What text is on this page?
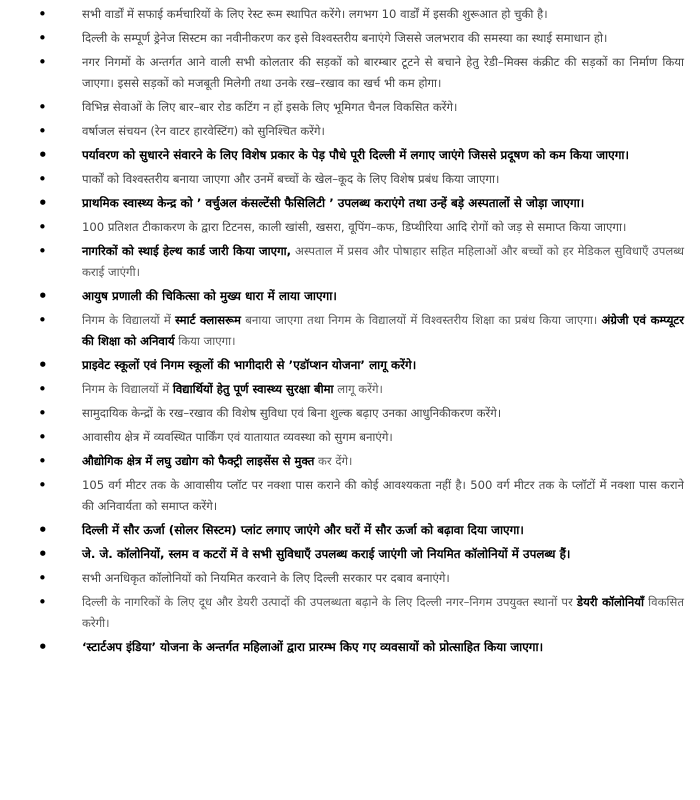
•	सभी वार्डों में सफाई कर्मचारियों के लिए रेस्ट रूम स्थापित करेंगे। लगभग 10 वार्डों में इसकी शुरूआत हो चुकी है।
•	दिल्ली के सम्पूर्ण ड्रेनेज सिस्टम का नवीनीकरण कर इसे विश्वस्तरीय बनाएंगे जिससे जलभराव की समस्या का स्थाई समाधान हो।
•	नगर निगमों के अन्तर्गत आने वाली सभी कोलतार की सड़कों को बारम्बार टूटने से बचाने हेतु रेडी–मिक्स कंक्रीट की सड़कों का निर्माण किया जाएगा। इससे सड़कों को मजबूती मिलेगी तथा उनके रख–रखाव का खर्च भी कम होगा।
•	विभिन्न सेवाओं के लिए बार–बार रोड कटिंग न हों इसके लिए भूमिगत चैनल विकसित करेंगे।
•	वर्षाजल संचयन (रेन वाटर हारवेस्टिंग) को सुनिश्चित करेंगे।
•	पर्यावरण को सुधारने संवारने के लिए विशेष प्रकार के पेड़ पौधे पूरी दिल्ली में लगाए जाएंगे जिससे प्रदूषण को कम किया जाएगा।
•	पार्कों को विश्वस्तरीय बनाया जाएगा और उनमें बच्चों के खेल–कूद के लिए विशेष प्रबंध किया जाएगा।
•	प्राथमिक स्वास्थ्य केन्द्र को ’ वर्चुअल कंसल्टेंसी फैसिलिटी ’ उपलब्ध कराएंगे तथा उन्हें बड़े अस्पतालों से जोड़ा जाएगा।
•	100 प्रतिशत टीकाकरण के द्वारा टिटनस, काली खांसी, खसरा, वूपिंग–कफ, डिप्थीरिया आदि रोगों को जड़ से समाप्त किया जाएगा।
•	नागरिकों को स्थाई हेल्थ कार्ड जारी किया जाएगा, अस्पताल में प्रसव और पोषाहार सहित महिलाओं और बच्चों को हर मेडिकल सुविधाएँ उपलब्ध कराई जाएंगी।
•	आयुष प्रणाली की चिकित्सा को मुख्य धारा में लाया जाएगा।
•	निगम के विद्यालयों में स्मार्ट क्लासरूम बनाया जाएगा तथा निगम के विद्यालयों में विश्वस्तरीय शिक्षा का प्रबंध किया जाएगा। अंग्रेजी एवं कम्प्यूटर की शिक्षा को अनिवार्य किया जाएगा।
•	प्राइवेट स्कूलों एवं निगम स्कूलों की भागीदारी से ’एडॉप्शन योजना’ लागू करेंगे।
•	निगम के विद्यालयों में विद्यार्थियों हेतु पूर्ण स्वास्थ्य सुरक्षा बीमा लागू करेंगे।
•	सामुदायिक केन्द्रों के रख–रखाव की विशेष सुविधा एवं बिना शुल्क बढ़ाए उनका आधुनिकीकरण करेंगे।
•	आवासीय क्षेत्र में व्यवस्थित पार्किंग एवं यातायात व्यवस्था को सुगम बनाएंगे।
•	औद्योगिक क्षेत्र में लघु उद्योग को फैक्ट्री लाइसेंस से मुक्त कर देंगे।
•	105 वर्ग मीटर तक के आवासीय प्लॉट पर नक्शा पास कराने की कोई आवश्यकता नहीं है। 500 वर्ग मीटर तक के प्लॉटों में नक्शा पास कराने की अनिवार्यता को समाप्त करेंगे।
•	दिल्ली में सौर ऊर्जा (सोलर सिस्टम) प्लांट लगाए जाएंगे और घरों में सौर ऊर्जा को बढ़ावा दिया जाएगा।
•	जे. जे. कॉलोनियों, स्लम व कटरों में वे सभी सुविधाएँ उपलब्ध कराई जाएंगी जो नियमित कॉलोनियों में उपलब्ध हैं।
•	सभी अनधिकृत कॉलोनियों को नियमित करवाने के लिए दिल्ली सरकार पर दबाव बनाएंगे।
•	दिल्ली के नागरिकों के लिए दूध और डेयरी उत्पादों की उपलब्धता बढ़ाने के लिए दिल्ली नगर–निगम उपयुक्त स्थानों पर डेयरी कॉलोनियाँ विकसित करेगी।
•	‘स्टार्टअप इंडिया’ योजना के अन्तर्गत महिलाओं द्वारा प्रारम्भ किए गए व्यवसायों को प्रोत्साहित किया जाएगा।
